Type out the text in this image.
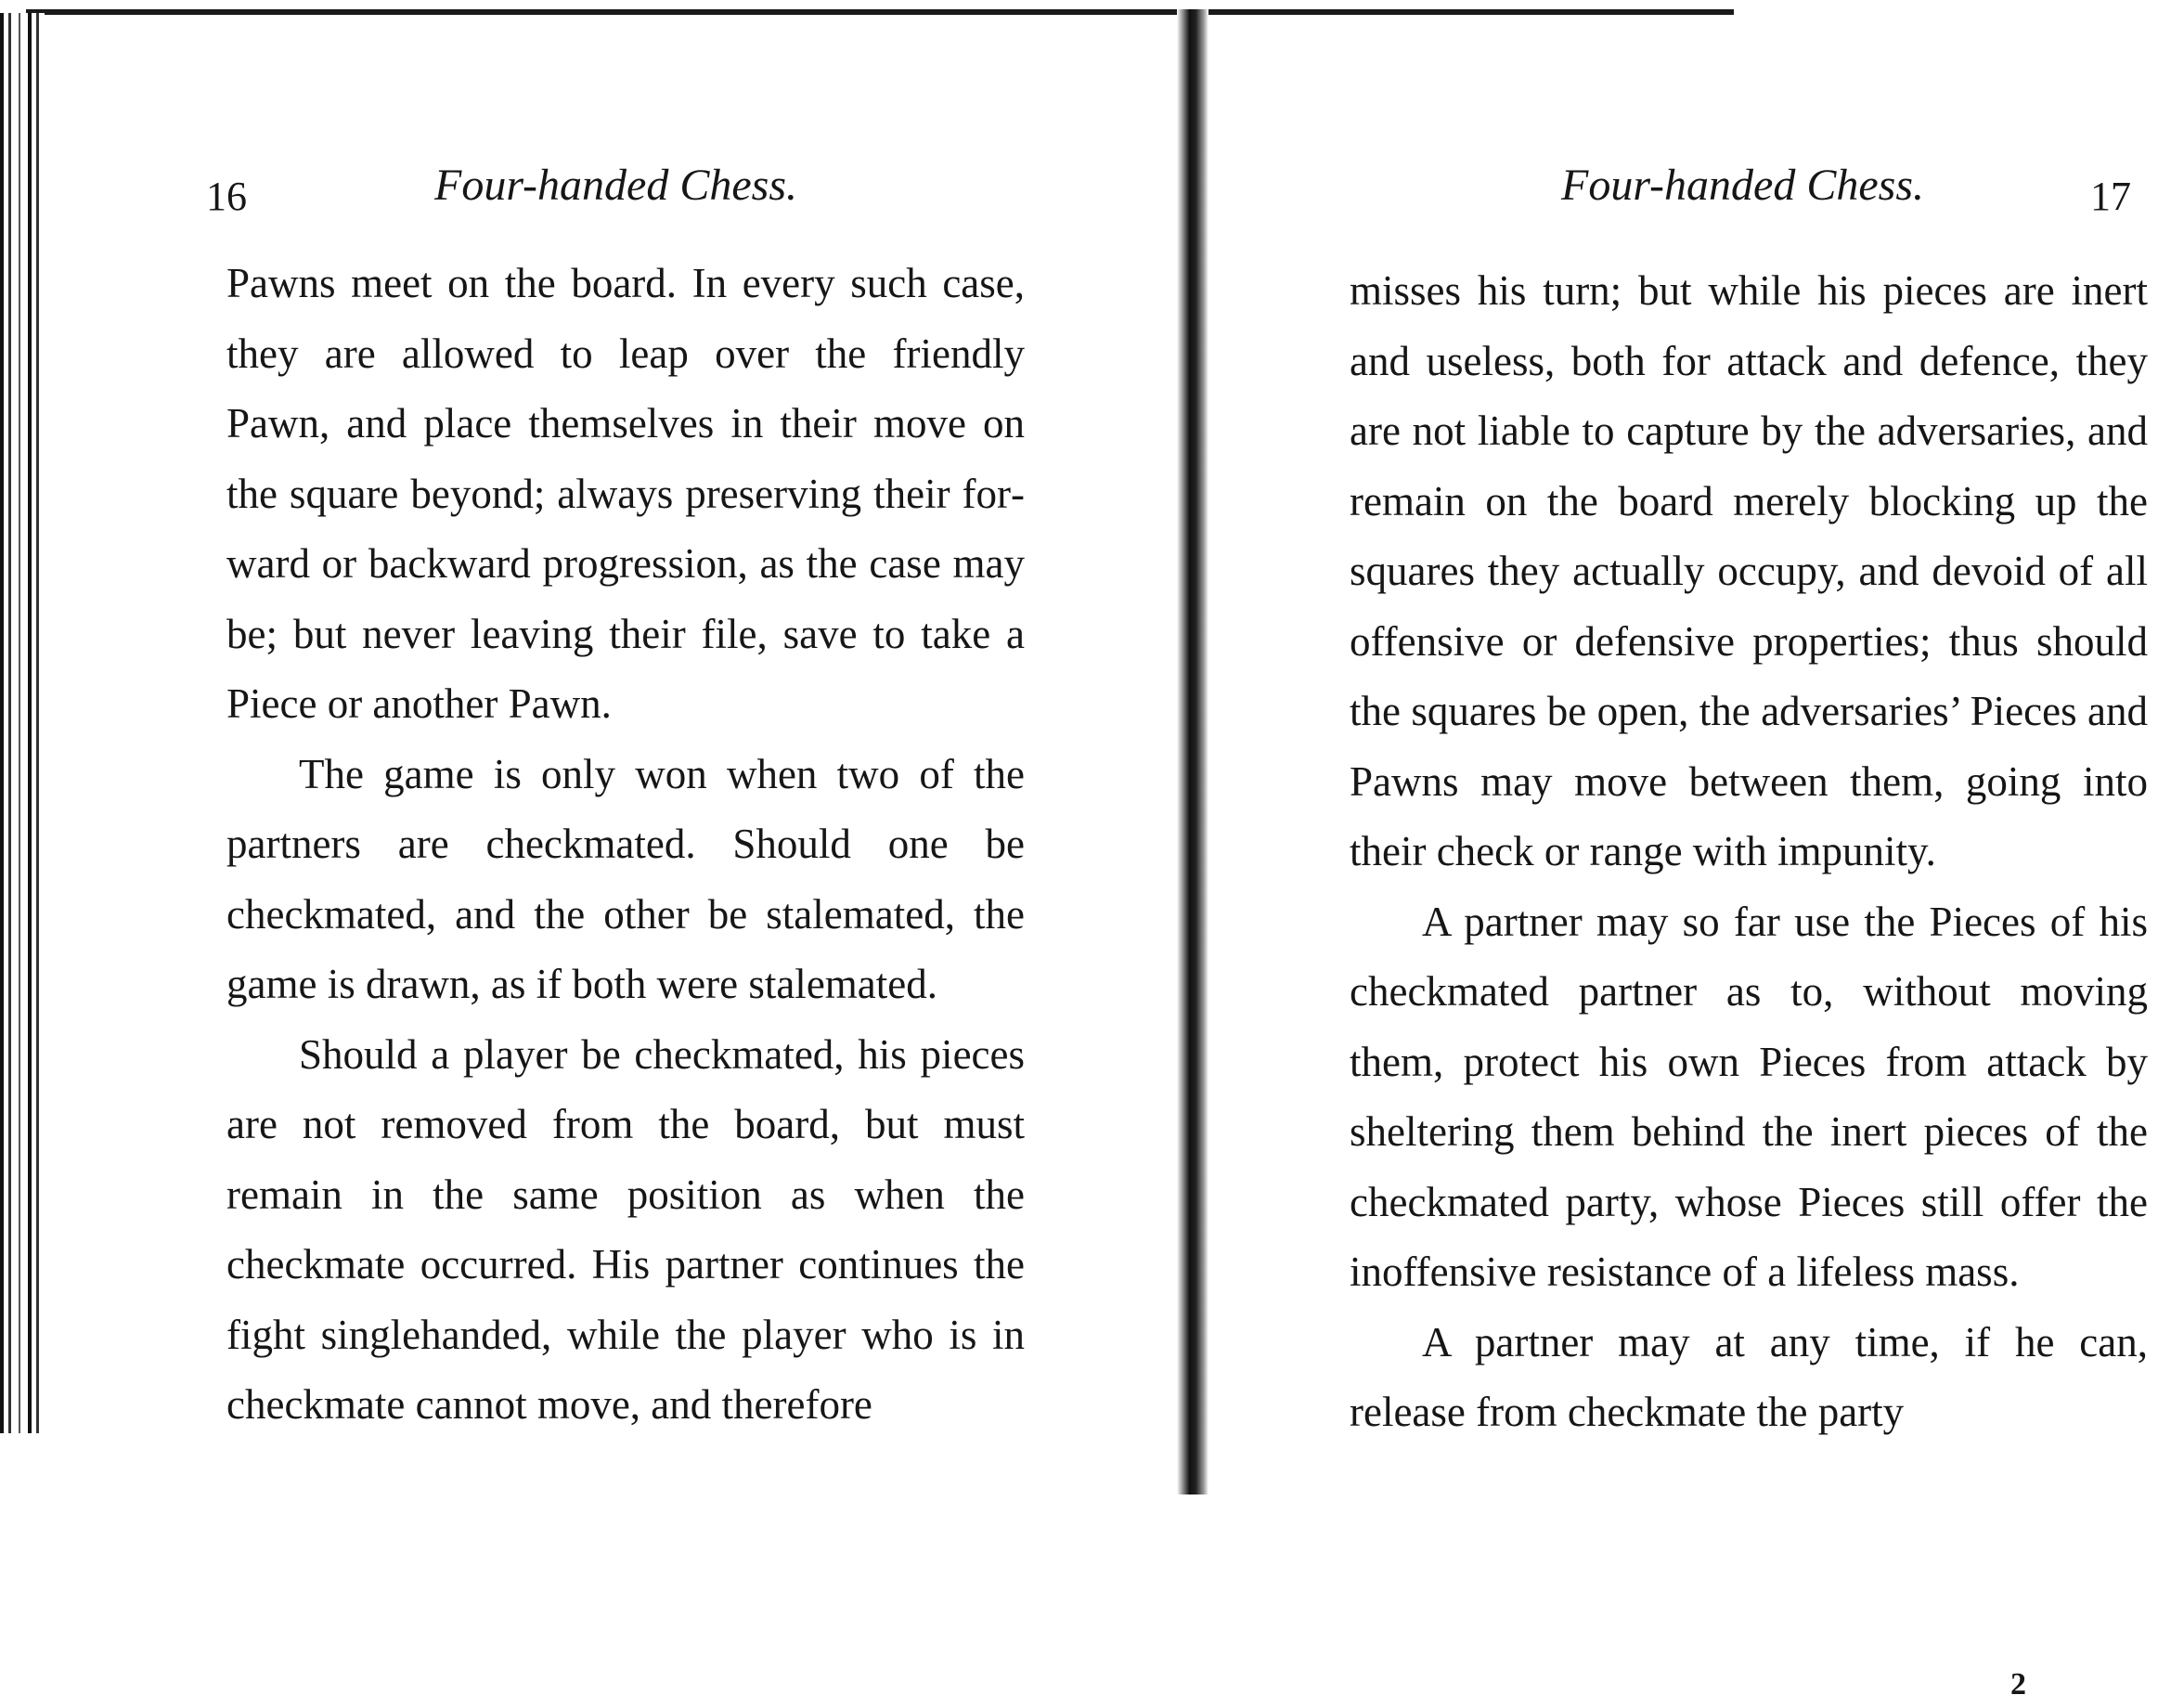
16	Four-handed Chess.

Pawns meet on the board. In every such case, they are allowed to leap over the friendly Pawn, and place themselves in their move on the square beyond; always preserving their forward or backward progression, as the case may be; but never leaving their file, save to take a Piece or another Pawn.

The game is only won when two of the partners are checkmated. Should one be checkmated, and the other be stalemated, the game is drawn, as if both were stalemated.

Should a player be checkmated, his pieces are not removed from the board, but must remain in the same position as when the checkmate occurred. His partner continues the fight singlehanded, while the player who is in checkmate cannot move, and therefore

Four-handed Chess.	17

misses his turn; but while his pieces are inert and useless, both for attack and defence, they are not liable to capture by the adversaries, and remain on the board merely blocking up the squares they actually occupy, and devoid of all offensive or defensive properties; thus should the squares be open, the adversaries’ Pieces and Pawns may move between them, going into their check or range with impunity.

A partner may so far use the Pieces of his checkmated partner as to, without moving them, protect his own Pieces from attack by sheltering them behind the inert pieces of the checkmated party, whose Pieces still offer the inoffensive resistance of a lifeless mass.

A partner may at any time, if he can, release from checkmate the party

2
